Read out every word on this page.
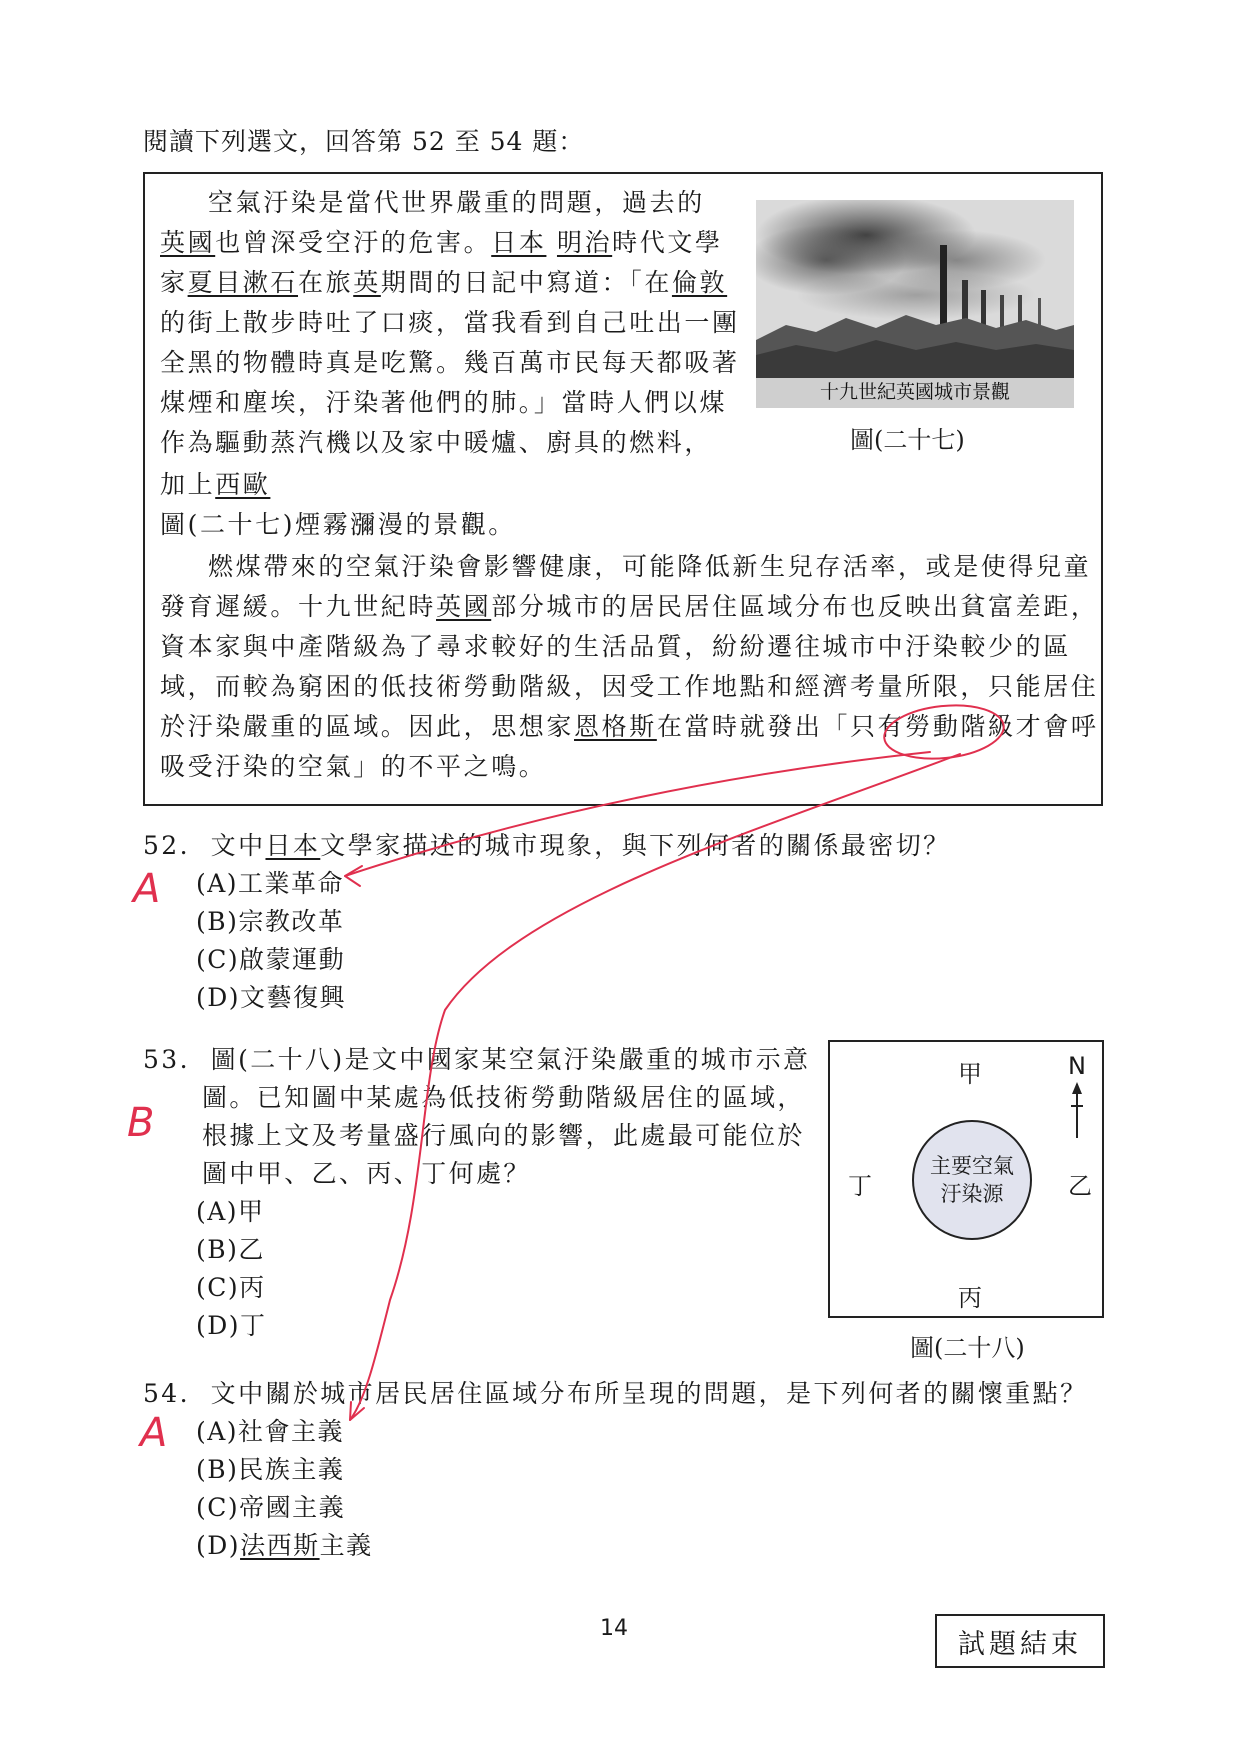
閱讀下列選文，回答第 52 至 54 題：
空氣汙染是當代世界嚴重的問題，過去的
英國也曾深受空汙的危害。日本 明治時代文學
家夏目漱石在旅英期間的日記中寫道：「在倫敦
的街上散步時吐了口痰，當我看到自己吐出一團
全黑的物體時真是吃驚。幾百萬市民每天都吸著
煤煙和塵埃，汙染著他們的肺。」當時人們以煤
作為驅動蒸汽機以及家中暖爐、廚具的燃料，
加上西歐
圖(二十七)煙霧瀰漫的景觀。
燃煤帶來的空氣汙染會影響健康，可能降低新生兒存活率，或是使得兒童
發育遲緩。十九世紀時英國部分城市的居民居住區域分布也反映出貧富差距，
資本家與中產階級為了尋求較好的生活品質，紛紛遷往城市中汙染較少的區
域，而較為窮困的低技術勞動階級，因受工作地點和經濟考量所限，只能居住
於汙染嚴重的區域。因此，思想家恩格斯在當時就發出「只有勞動階級才會呼
吸受汙染的空氣」的不平之鳴。
十九世紀英國城市景觀
圖(二十七)
52. 文中日本文學家描述的城市現象，與下列何者的關係最密切？
(A)工業革命
(B)宗教改革
(C)啟蒙運動
(D)文藝復興
A
53. 圖(二十八)是文中國家某空氣汙染嚴重的城市示意
圖。已知圖中某處為低技術勞動階級居住的區域，
根據上文及考量盛行風向的影響，此處最可能位於
圖中甲、乙、丙、丁何處？
(A)甲
(B)乙
(C)丙
(D)丁
B
甲
乙
丙
丁
N
主要空氣
汙染源
圖(二十八)
54. 文中關於城市居民居住區域分布所呈現的問題，是下列何者的關懷重點？
(A)社會主義
(B)民族主義
(C)帝國主義
(D)法西斯主義
A
14	試題結束
